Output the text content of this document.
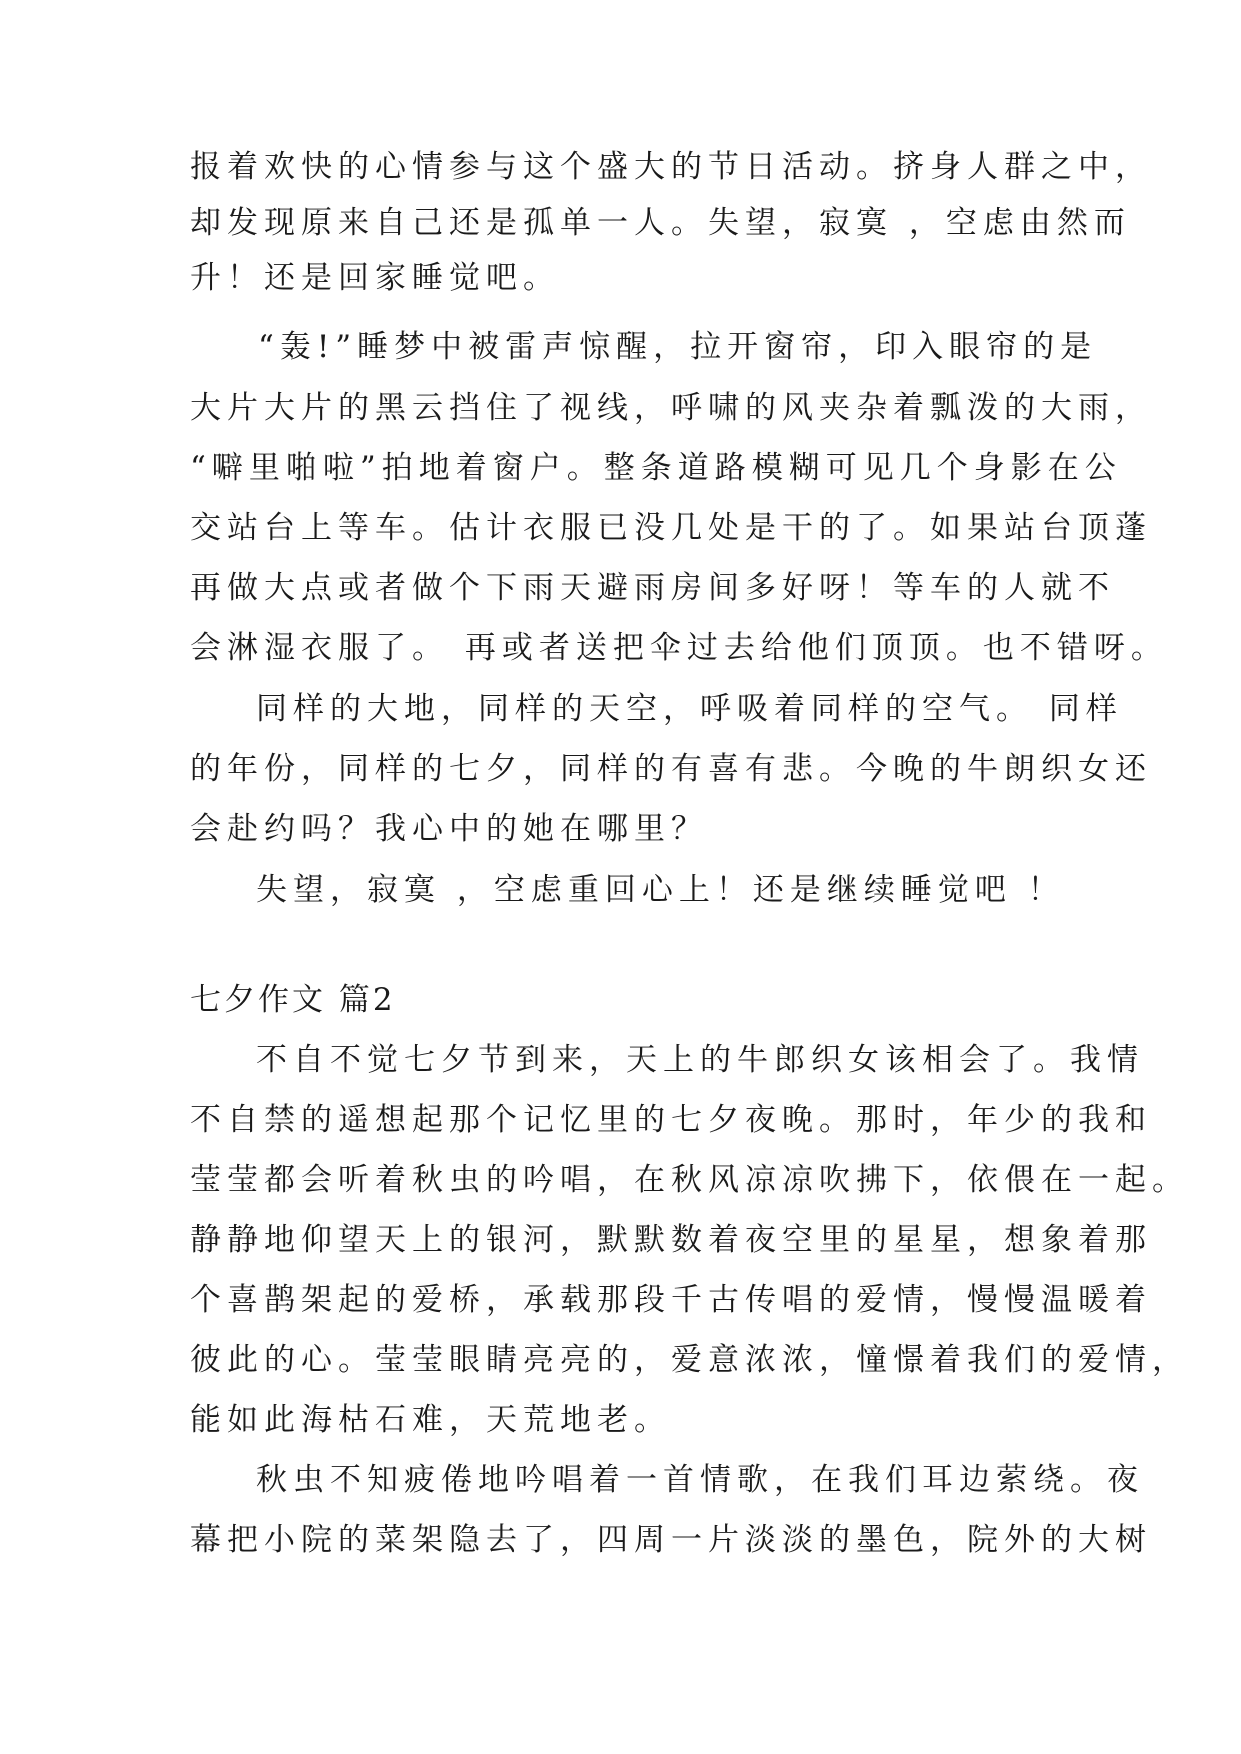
报着欢快的心情参与这个盛大的节日活动。挤身人群之中，
却发现原来自己还是孤单一人。失望，寂寞 ，空虑由然而
升！还是回家睡觉吧。
“轰!”睡梦中被雷声惊醒，拉开窗帘，印入眼帘的是
大片大片的黑云挡住了视线，呼啸的风夹杂着瓢泼的大雨，
“噼里啪啦”拍地着窗户。整条道路模糊可见几个身影在公
交站台上等车。估计衣服已没几处是干的了。如果站台顶蓬
再做大点或者做个下雨天避雨房间多好呀！等车的人就不
会淋湿衣服了。 再或者送把伞过去给他们顶顶。也不错呀。
同样的大地，同样的天空，呼吸着同样的空气。 同样
的年份，同样的七夕，同样的有喜有悲。今晚的牛朗织女还
会赴约吗？我心中的她在哪里？
失望，寂寞 ，空虑重回心上！还是继续睡觉吧 ！
七夕作文 篇2
不自不觉七夕节到来，天上的牛郎织女该相会了。我情
不自禁的遥想起那个记忆里的七夕夜晚。那时，年少的我和
莹莹都会听着秋虫的吟唱，在秋风凉凉吹拂下，依偎在一起。
静静地仰望天上的银河，默默数着夜空里的星星，想象着那
个喜鹊架起的爱桥，承载那段千古传唱的爱情，慢慢温暖着
彼此的心。莹莹眼睛亮亮的，爱意浓浓，憧憬着我们的爱情，
能如此海枯石难，天荒地老。
秋虫不知疲倦地吟唱着一首情歌，在我们耳边萦绕。夜
幕把小院的菜架隐去了，四周一片淡淡的墨色，院外的大树
